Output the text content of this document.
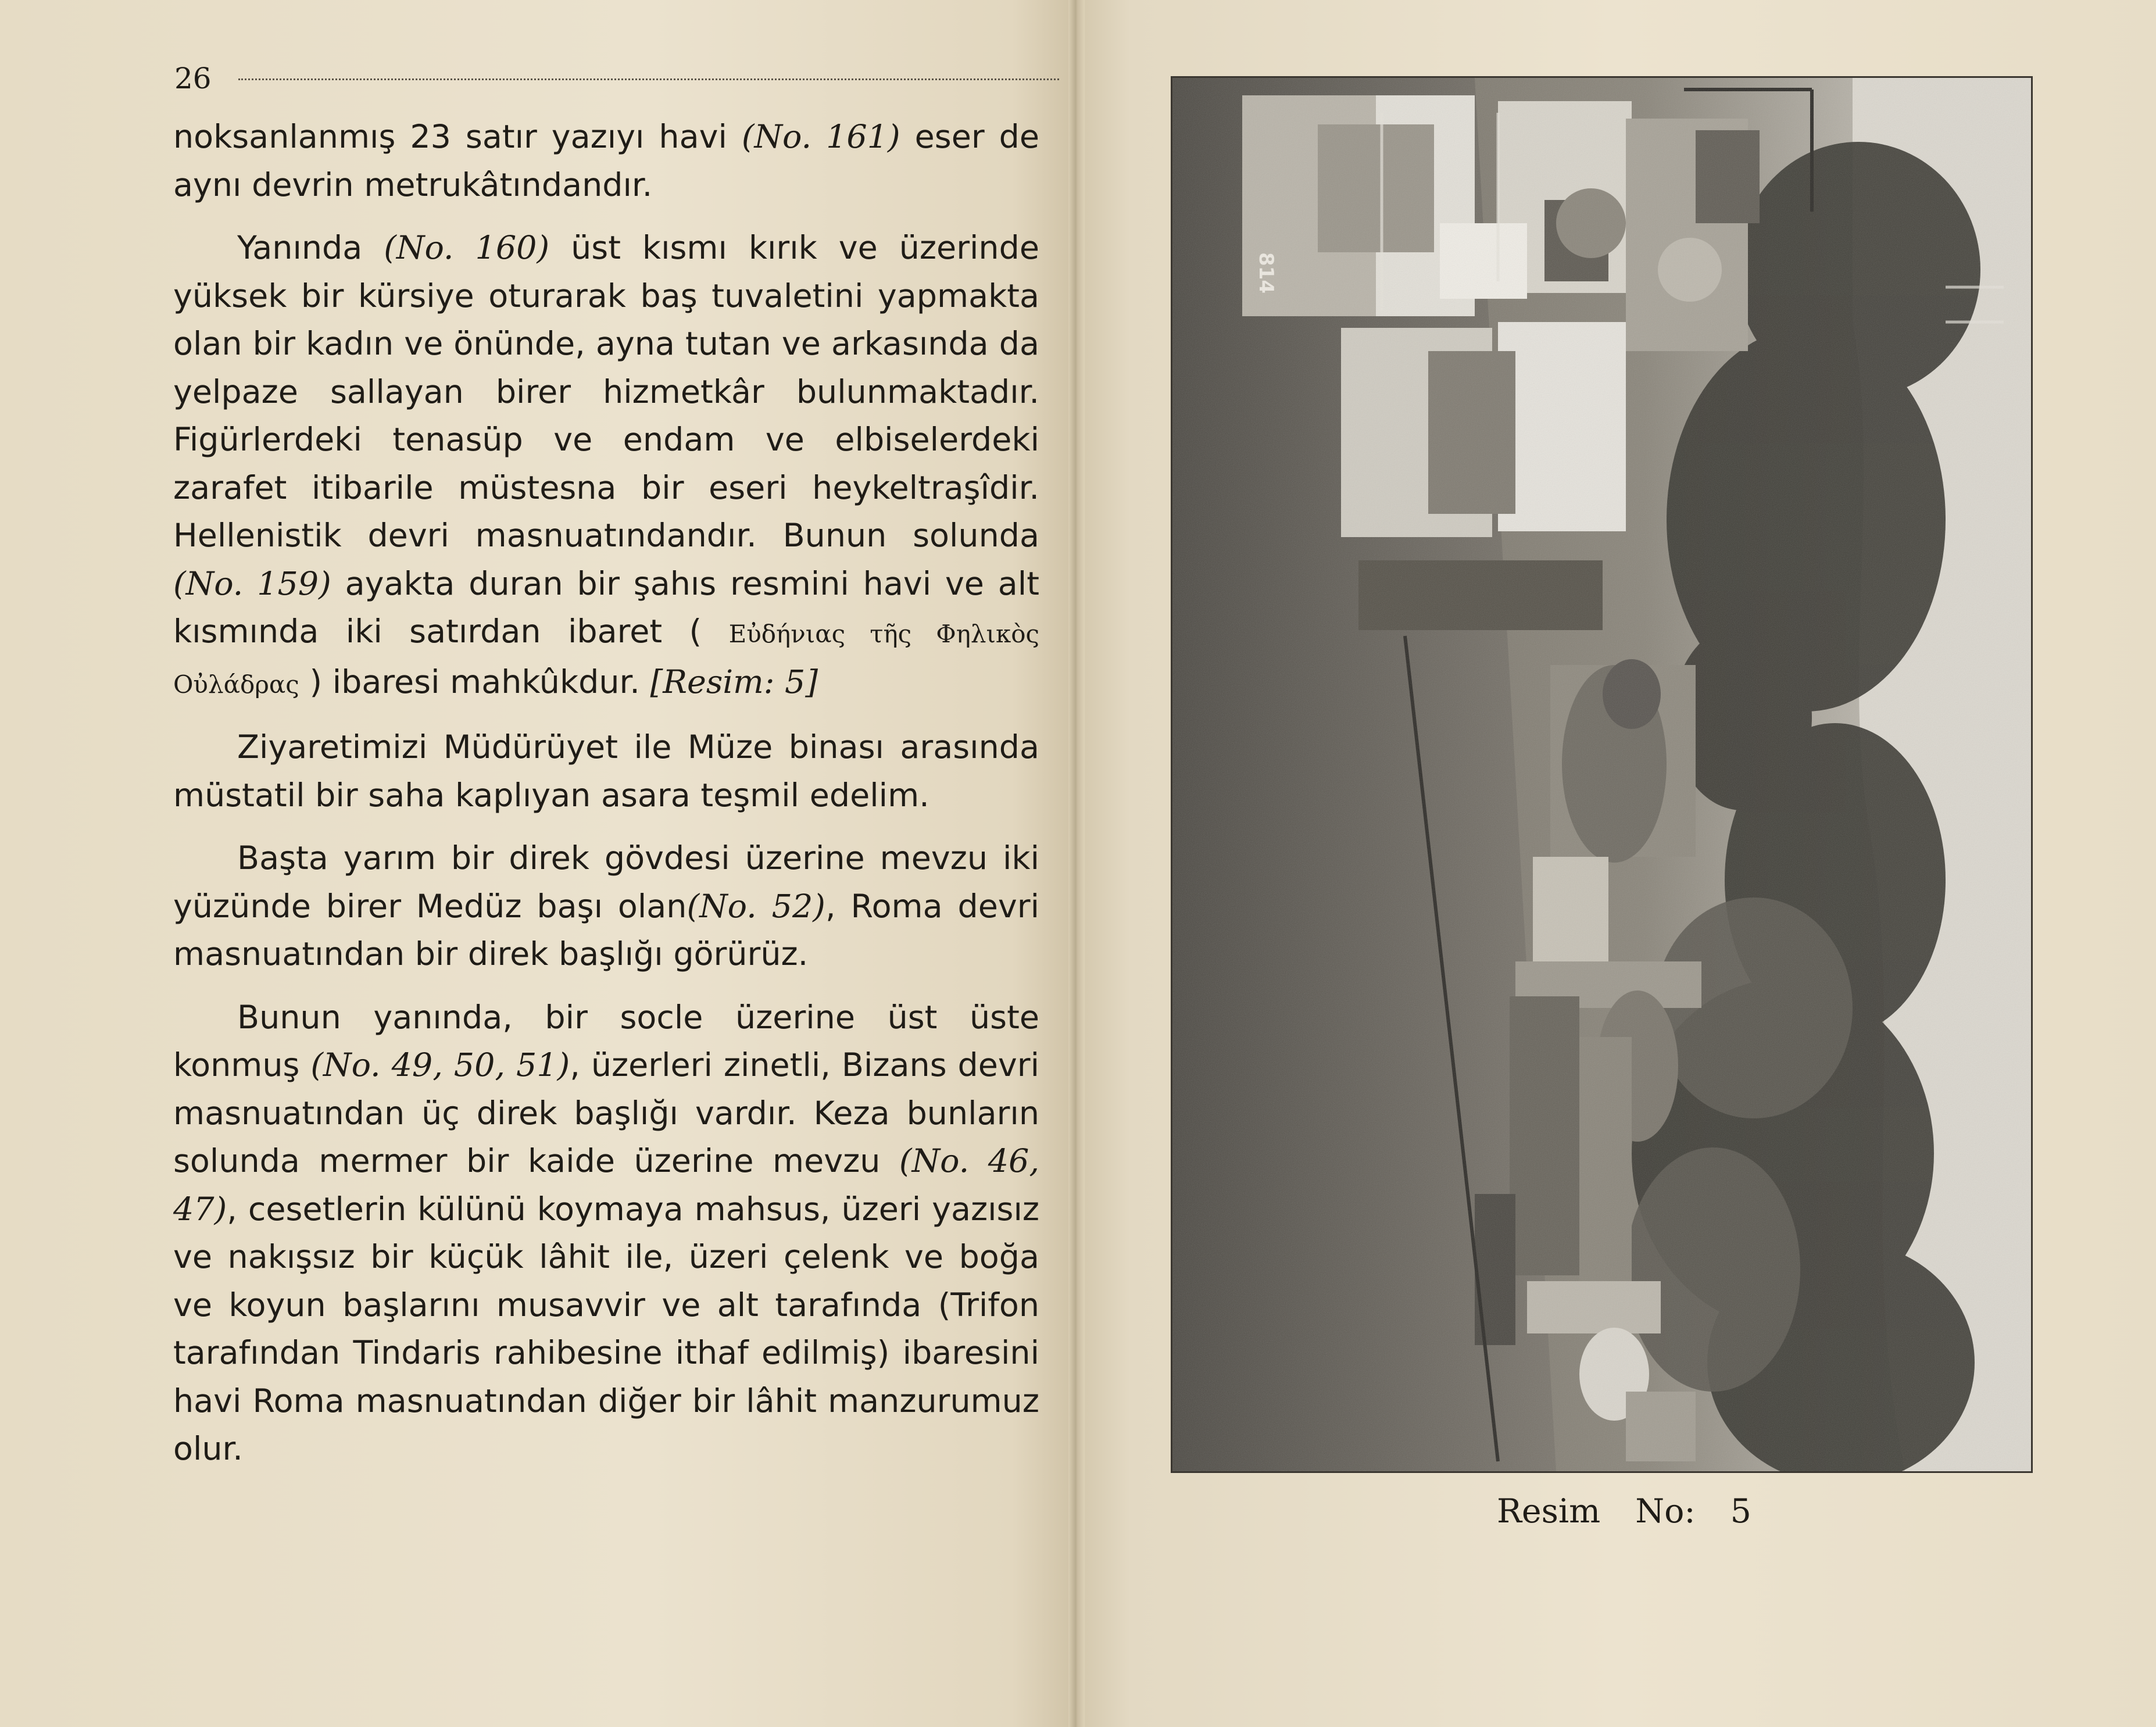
26

noksanlanmış 23 satır yazıyı havi (No. 161) eser de aynı devrin metrukâtındandır.

Yanında (No. 160) üst kısmı kırık ve üzerinde yüksek bir kürsiye oturarak baş tuvaletini yapmakta olan bir kadın ve önünde, ayna tutan ve arkasında da yelpaze sallayan birer hizmetkâr bulunmaktadır. Figürlerdeki tenasüp ve endam ve elbiselerdeki zarafet itibarile müstesna bir eseri heykeltraşîdir. Hellenistik devri masnuatındandır. Bunun solunda (No. 159) ayakta duran bir şahıs resmini havi ve alt kısmında iki satırdan ibaret ( Εὐδήνιας τῆς Φηλικὸς Οὐλάδρας ) ibaresi mahkûkdur. [Resim: 5]

Ziyaretimizi Müdürüyet ile Müze binası arasında müstatil bir saha kaplıyan asara teşmil edelim.

Başta yarım bir direk gövdesi üzerine mevzu iki yüzünde birer Medüz başı olan(No. 52), Roma devri masnuatından bir direk başlığı görürüz.

Bunun yanında, bir socle üzerine üst üste konmuş (No. 49, 50, 51), üzerleri zinetli, Bizans devri masnuatından üç direk başlığı vardır. Keza bunların solunda mermer bir kaide üzerine mevzu (No. 46, 47), cesetlerin külünü koymaya mahsus, üzeri yazısız ve nakışsız bir küçük lâhit ile, üzeri çelenk ve boğa ve koyun başlarını musavvir ve alt tarafında (Trifon tarafından Tindaris rahibesine ithaf edilmiş) ibaresini havi Roma masnuatından diğer bir lâhit manzurumuz olur.

Resim No: 5
